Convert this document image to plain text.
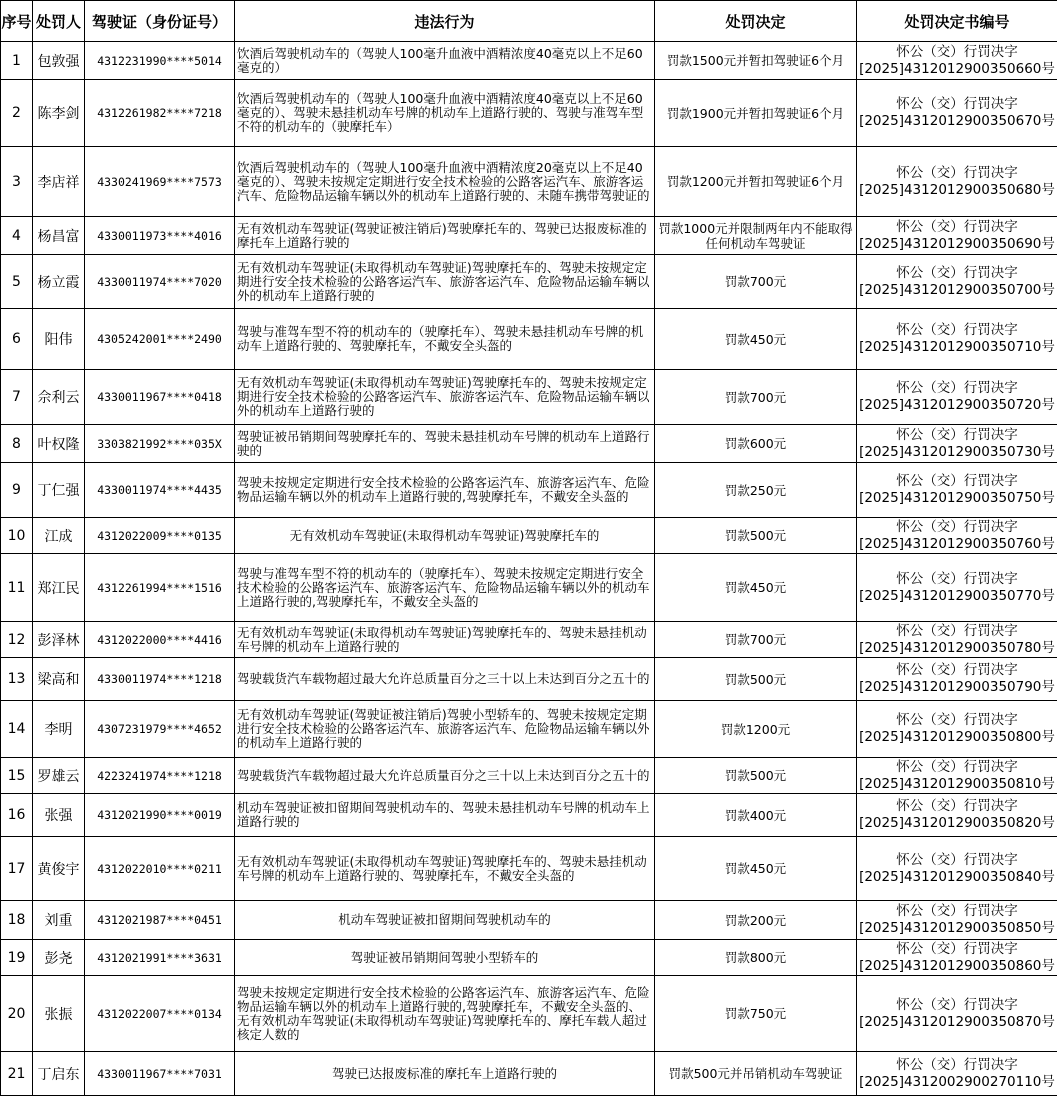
序号	处罚人	驾驶证（身份证号）	违法行为	处罚决定	处罚决定书编号
1	包敦强	4312231990****5014	饮酒后驾驶机动车的（驾驶人100毫升血液中酒精浓度40毫克以上不足60毫克的）	罚款1500元并暂扣驾驶证6个月	怀公（交）行罚决字
[2025]4312012900350660号

2	陈李剑	4312261982****7218	饮酒后驾驶机动车的（驾驶人100毫升血液中酒精浓度40毫克以上不足60毫克的）、驾驶未悬挂机动车号牌的机动车上道路行驶的、驾驶与准驾车型不符的机动车的（驶摩托车）	罚款1900元并暂扣驾驶证6个月	怀公（交）行罚决字
[2025]4312012900350670号

3	李店祥	4330241969****7573	饮酒后驾驶机动车的（驾驶人100毫升血液中酒精浓度20毫克以上不足40毫克的）、驾驶未按规定定期进行安全技术检验的公路客运汽车、旅游客运汽车、危险物品运输车辆以外的机动车上道路行驶的、未随车携带驾驶证的	罚款1200元并暂扣驾驶证6个月	怀公（交）行罚决字
[2025]4312012900350680号

4	杨昌富	4330011973****4016	无有效机动车驾驶证(驾驶证被注销后)驾驶摩托车的、驾驶已达报废标准的摩托车上道路行驶的	罚款1000元并限制两年内不能取得任何机动车驾驶证	怀公（交）行罚决字
[2025]4312012900350690号

5	杨立霞	4330011974****7020	无有效机动车驾驶证(未取得机动车驾驶证)驾驶摩托车的、驾驶未按规定定期进行安全技术检验的公路客运汽车、旅游客运汽车、危险物品运输车辆以外的机动车上道路行驶的	罚款700元	怀公（交）行罚决字
[2025]4312012900350700号

6	阳伟	4305242001****2490	驾驶与准驾车型不符的机动车的（驶摩托车）、驾驶未悬挂机动车号牌的机动车上道路行驶的、驾驶摩托车，不戴安全头盔的	罚款450元	怀公（交）行罚决字
[2025]4312012900350710号

7	佘利云	4330011967****0418	无有效机动车驾驶证(未取得机动车驾驶证)驾驶摩托车的、驾驶未按规定定期进行安全技术检验的公路客运汽车、旅游客运汽车、危险物品运输车辆以外的机动车上道路行驶的	罚款700元	怀公（交）行罚决字
[2025]4312012900350720号

8	叶权隆	3303821992****035X	驾驶证被吊销期间驾驶摩托车的、驾驶未悬挂机动车号牌的机动车上道路行驶的	罚款600元	怀公（交）行罚决字
[2025]4312012900350730号

9	丁仁强	4330011974****4435	驾驶未按规定定期进行安全技术检验的公路客运汽车、旅游客运汽车、危险物品运输车辆以外的机动车上道路行驶的,驾驶摩托车，不戴安全头盔的	罚款250元	怀公（交）行罚决字
[2025]4312012900350750号

10	江成	4312022009****0135	无有效机动车驾驶证(未取得机动车驾驶证)驾驶摩托车的	罚款500元	怀公（交）行罚决字
[2025]4312012900350760号

11	郑江民	4312261994****1516	驾驶与准驾车型不符的机动车的（驶摩托车）、驾驶未按规定定期进行安全技术检验的公路客运汽车、旅游客运汽车、危险物品运输车辆以外的机动车上道路行驶的,驾驶摩托车，不戴安全头盔的	罚款450元	怀公（交）行罚决字
[2025]4312012900350770号

12	彭泽林	4312022000****4416	无有效机动车驾驶证(未取得机动车驾驶证)驾驶摩托车的、驾驶未悬挂机动车号牌的机动车上道路行驶的	罚款700元	怀公（交）行罚决字
[2025]4312012900350780号

13	梁高和	4330011974****1218	驾驶载货汽车载物超过最大允许总质量百分之三十以上未达到百分之五十的	罚款500元	怀公（交）行罚决字
[2025]4312012900350790号

14	李明	4307231979****4652	无有效机动车驾驶证(驾驶证被注销后)驾驶小型轿车的、驾驶未按规定定期进行安全技术检验的公路客运汽车、旅游客运汽车、危险物品运输车辆以外的机动车上道路行驶的	罚款1200元	怀公（交）行罚决字
[2025]4312012900350800号

15	罗雄云	4223241974****1218	驾驶载货汽车载物超过最大允许总质量百分之三十以上未达到百分之五十的	罚款500元	怀公（交）行罚决字
[2025]4312012900350810号

16	张强	4312021990****0019	机动车驾驶证被扣留期间驾驶机动车的、驾驶未悬挂机动车号牌的机动车上道路行驶的	罚款400元	怀公（交）行罚决字
[2025]4312012900350820号

17	黄俊宇	4312022010****0211	无有效机动车驾驶证(未取得机动车驾驶证)驾驶摩托车的、驾驶未悬挂机动车号牌的机动车上道路行驶的、驾驶摩托车，不戴安全头盔的	罚款450元	怀公（交）行罚决字
[2025]4312012900350840号

18	刘重	4312021987****0451	机动车驾驶证被扣留期间驾驶机动车的	罚款200元	怀公（交）行罚决字
[2025]4312012900350850号

19	彭尧	4312021991****3631	驾驶证被吊销期间驾驶小型轿车的	罚款800元	怀公（交）行罚决字
[2025]4312012900350860号

20	张振	4312022007****0134	驾驶未按规定定期进行安全技术检验的公路客运汽车、旅游客运汽车、危险物品运输车辆以外的机动车上道路行驶的,驾驶摩托车，不戴安全头盔的、无有效机动车驾驶证(未取得机动车驾驶证)驾驶摩托车的、摩托车载人超过核定人数的	罚款750元	怀公（交）行罚决字
[2025]4312012900350870号

21	丁启东	4330011967****7031	驾驶已达报废标准的摩托车上道路行驶的	罚款500元并吊销机动车驾驶证	怀公（交）行罚决字
[2025]4312002900270110号
